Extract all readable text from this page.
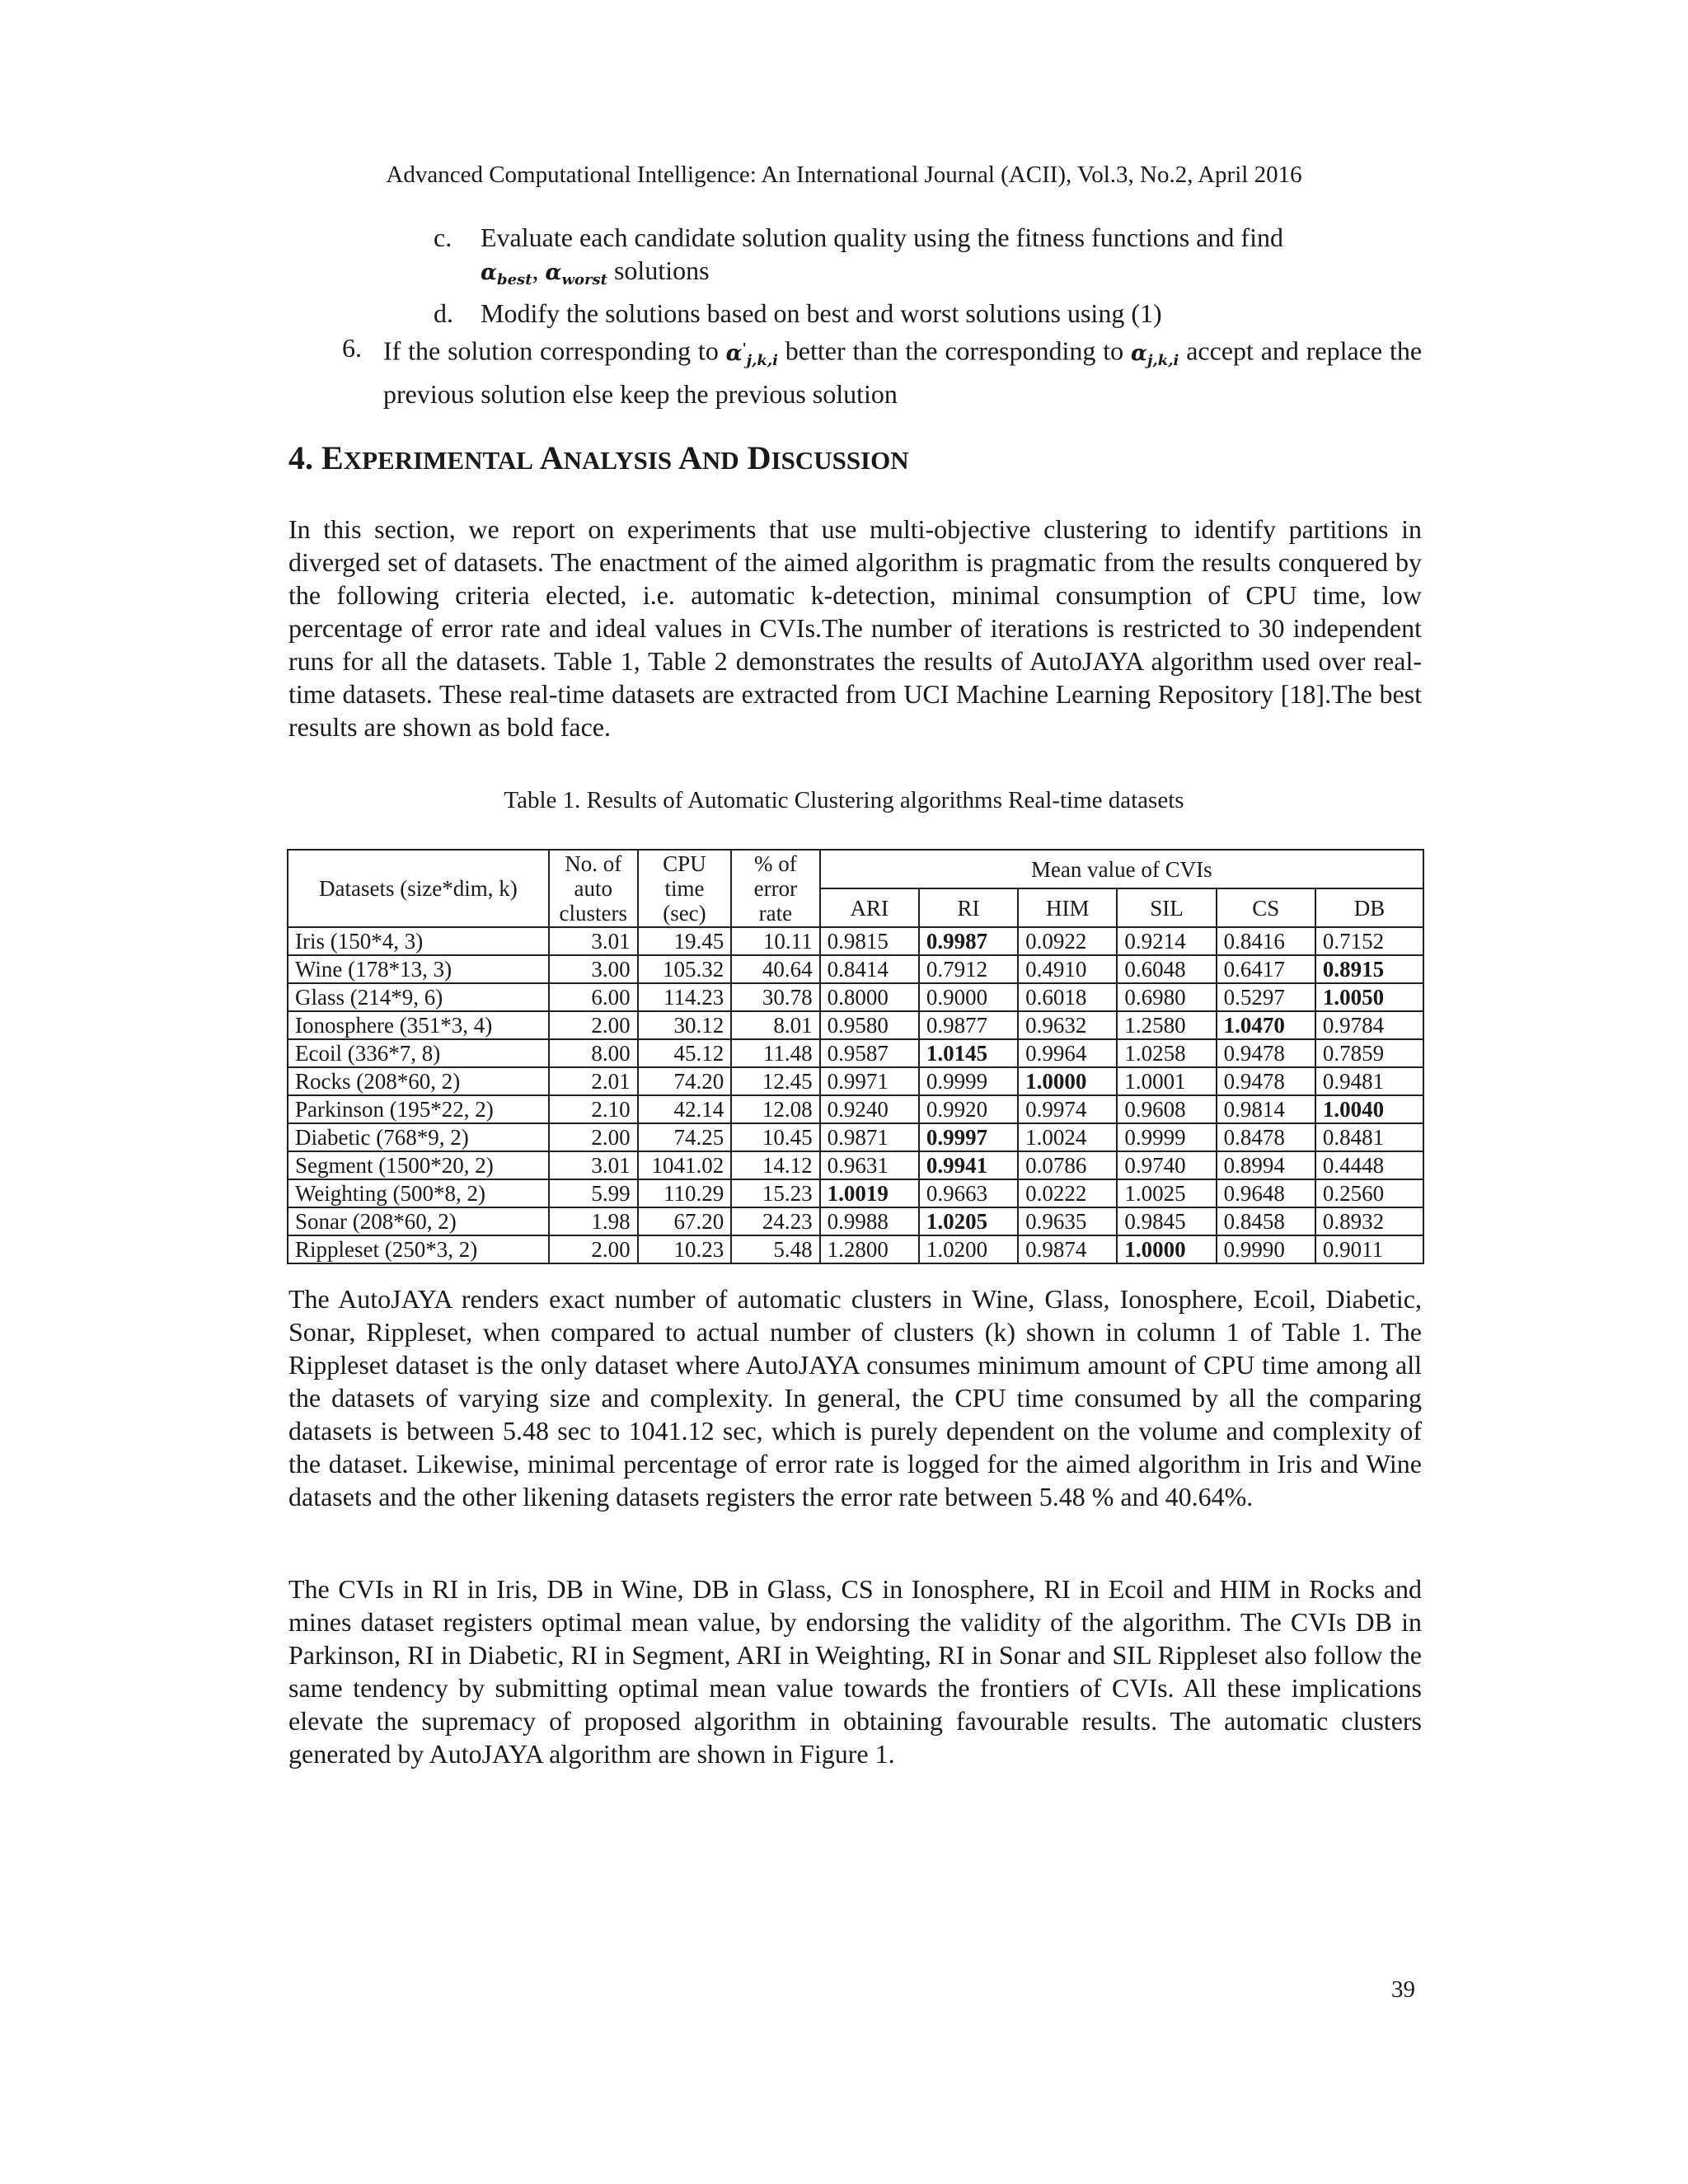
Advanced Computational Intelligence: An International Journal (ACII), Vol.3, No.2, April 2016
c. Evaluate each candidate solution quality using the fitness functions and find
$\alpha_{best}$, $\alpha_{worst}$ solutions
d. Modify the solutions based on best and worst solutions using (1)
6. If the solution corresponding to $\alpha'_{j,k,i}$ better than the corresponding to $\alpha_{j,k,i}$ accept and replace the previous solution else keep the previous solution
4. EXPERIMENTAL ANALYSIS AND DISCUSSION

In this section, we report on experiments that use multi-objective clustering to identify partitions in diverged set of datasets. The enactment of the aimed algorithm is pragmatic from the results conquered by the following criteria elected, i.e. automatic k-detection, minimal consumption of CPU time, low percentage of error rate and ideal values in CVIs.The number of iterations is restricted to 30 independent runs for all the datasets. Table 1, Table 2 demonstrates the results of AutoJAYA algorithm used over real-time datasets. These real-time datasets are extracted from UCI Machine Learning Repository [18].The best results are shown as bold face.

Table 1. Results of Automatic Clustering algorithms Real-time datasets
Datasets (size*dim, k)	No. of
auto
clusters	CPU
time
(sec)	% of
error
rate	Mean value of CVIs					
				ARI	RI	HIM	SIL	CS	DB
Iris (150*4, 3)	3.01	19.45	10.11	0.9815	0.9987	0.0922	0.9214	0.8416	0.7152
Wine (178*13, 3)	3.00	105.32	40.64	0.8414	0.7912	0.4910	0.6048	0.6417	0.8915
Glass (214*9, 6)	6.00	114.23	30.78	0.8000	0.9000	0.6018	0.6980	0.5297	1.0050
Ionosphere (351*3, 4)	2.00	30.12	8.01	0.9580	0.9877	0.9632	1.2580	1.0470	0.9784
Ecoil (336*7, 8)	8.00	45.12	11.48	0.9587	1.0145	0.9964	1.0258	0.9478	0.7859
Rocks (208*60, 2)	2.01	74.20	12.45	0.9971	0.9999	1.0000	1.0001	0.9478	0.9481
Parkinson (195*22, 2)	2.10	42.14	12.08	0.9240	0.9920	0.9974	0.9608	0.9814	1.0040
Diabetic (768*9, 2)	2.00	74.25	10.45	0.9871	0.9997	1.0024	0.9999	0.8478	0.8481
Segment (1500*20, 2)	3.01	1041.02	14.12	0.9631	0.9941	0.0786	0.9740	0.8994	0.4448
Weighting (500*8, 2)	5.99	110.29	15.23	1.0019	0.9663	0.0222	1.0025	0.9648	0.2560
Sonar (208*60, 2)	1.98	67.20	24.23	0.9988	1.0205	0.9635	0.9845	0.8458	0.8932
Rippleset (250*3, 2)	2.00	10.23	5.48	1.2800	1.0200	0.9874	1.0000	0.9990	0.9011

The AutoJAYA renders exact number of automatic clusters in Wine, Glass, Ionosphere, Ecoil, Diabetic, Sonar, Rippleset, when compared to actual number of clusters (k) shown in column 1 of Table 1. The Rippleset dataset is the only dataset where AutoJAYA consumes minimum amount of CPU time among all the datasets of varying size and complexity. In general, the CPU time consumed by all the comparing datasets is between 5.48 sec to 1041.12 sec, which is purely dependent on the volume and complexity of the dataset. Likewise, minimal percentage of error rate is logged for the aimed algorithm in Iris and Wine datasets and the other likening datasets registers the error rate between 5.48 % and 40.64%.

The CVIs in RI in Iris, DB in Wine, DB in Glass, CS in Ionosphere, RI in Ecoil and HIM in Rocks and mines dataset registers optimal mean value, by endorsing the validity of the algorithm. The CVIs DB in Parkinson, RI in Diabetic, RI in Segment, ARI in Weighting, RI in Sonar and SIL Rippleset also follow the same tendency by submitting optimal mean value towards the frontiers of CVIs. All these implications elevate the supremacy of proposed algorithm in obtaining favourable results. The automatic clusters generated by AutoJAYA algorithm are shown in Figure 1.

39
